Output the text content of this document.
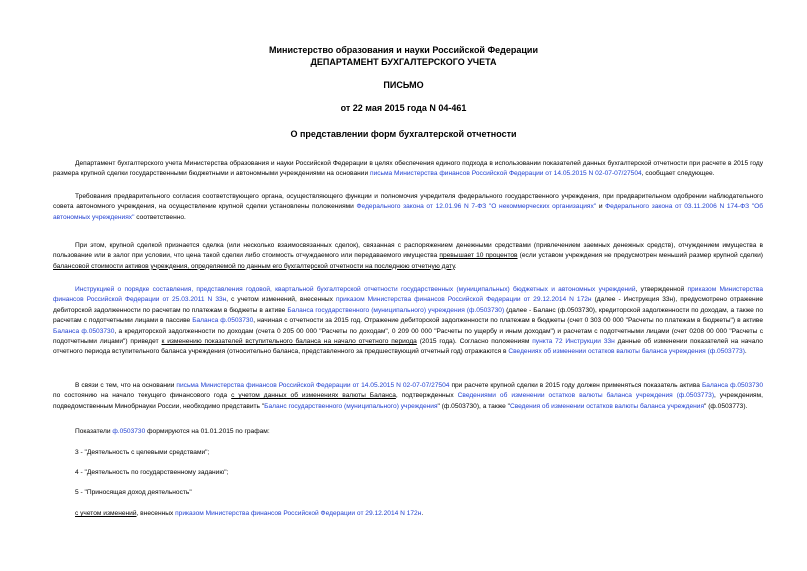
Министерство образования и науки Российской Федерации
ДЕПАРТАМЕНТ БУХГАЛТЕРСКОГО УЧЕТА
ПИСЬМО
от 22 мая 2015 года N 04-461
О представлении форм бухгалтерской отчетности
Департамент бухгалтерского учета Министерства образования и науки Российской Федерации в целях обеспечения единого подхода в использовании показателей данных бухгалтерской отчетности при расчете в 2015 году размера крупной сделки государственными бюджетными и автономными учреждениями на основании письма Министерства финансов Российской Федерации от 14.05.2015 N 02-07-07/27504, сообщает следующее.
Требования предварительного согласия соответствующего органа, осуществляющего функции и полномочия учредителя федерального государственного учреждения, при предварительном одобрении наблюдательного совета автономного учреждения, на осуществление крупной сделки установлены положениями Федерального закона от 12.01.96 N 7-ФЗ "О некоммерческих организациях" и Федерального закона от 03.11.2006 N 174-ФЗ "Об автономных учреждениях" соответственно.
При этом, крупной сделкой признается сделка (или несколько взаимосвязанных сделок), связанная с распоряжением денежными средствами (привлечением заемных денежных средств), отчуждением имущества в пользование или в залог при условии, что цена такой сделки либо стоимость отчуждаемого или передаваемого имущества превышает 10 процентов (если уставом учреждения не предусмотрен меньший размер крупной сделки) балансовой стоимости активов учреждения, определяемой по данным его бухгалтерской отчетности на последнюю отчетную дату.
Инструкцией о порядке составления, представления годовой, квартальной бухгалтерской отчетности государственных (муниципальных) бюджетных и автономных учреждений, утвержденной приказом Министерства финансов Российской Федерации от 25.03.2011 N 33н, с учетом изменений, внесенных приказом Министерства финансов Российской Федерации от 29.12.2014 N 172н (далее - Инструкция 33н), предусмотрено отражение дебиторской задолженности по расчетам по платежам в бюджеты в активе Баланса государственного (муниципального) учреждения (ф.0503730) (далее - Баланс (ф.0503730), кредиторской задолженности по доходам, а также по расчетам с подотчетными лицами в пассиве Баланса ф.0503730, начиная с отчетности за 2015 год. Отражение дебиторской задолженности по платежам в бюджеты (счет 0 303 00 000 "Расчеты по платежам в бюджеты") в активе Баланса ф.0503730, а кредиторской задолженности по доходам (счета 0 205 00 000 "Расчеты по доходам", 0 209 00 000 "Расчеты по ущербу и иным доходам") и расчетам с подотчетными лицами (счет 0208 00 000 "Расчеты с подотчетными лицами") приведет к изменению показателей вступительного баланса на начало отчетного периода (2015 года). Согласно положениям пункта 72 Инструкции 33н данные об изменении показателей на начало отчетного периода вступительного баланса учреждения (относительно баланса, представленного за предшествующий отчетный год) отражаются в Сведениях об изменении остатков валюты баланса учреждения (ф.0503773).
В связи с тем, что на основании письма Министерства финансов Российской Федерации от 14.05.2015 N 02-07-07/27504 при расчете крупной сделки в 2015 году должен применяться показатель актива Баланса ф.0503730 по состоянию на начало текущего финансового года с учетом данных об изменениях валюты Баланса, подтвержденных Сведениями об изменении остатков валюты баланса учреждения (ф.0503773), учреждениям, подведомственным Минобрнауки России, необходимо представить "Баланс государственного (муниципального) учреждения" (ф.0503730), а также "Сведения об изменении остатков валюты баланса учреждения" (ф.0503773).
Показатели ф.0503730 формируются на 01.01.2015 по графам:
3 - "Деятельность с целевыми средствами";
4 - "Деятельность по государственному заданию";
5 - "Приносящая доход деятельность"
с учетом изменений, внесенных приказом Министерства финансов Российской Федерации от 29.12.2014 N 172н.
